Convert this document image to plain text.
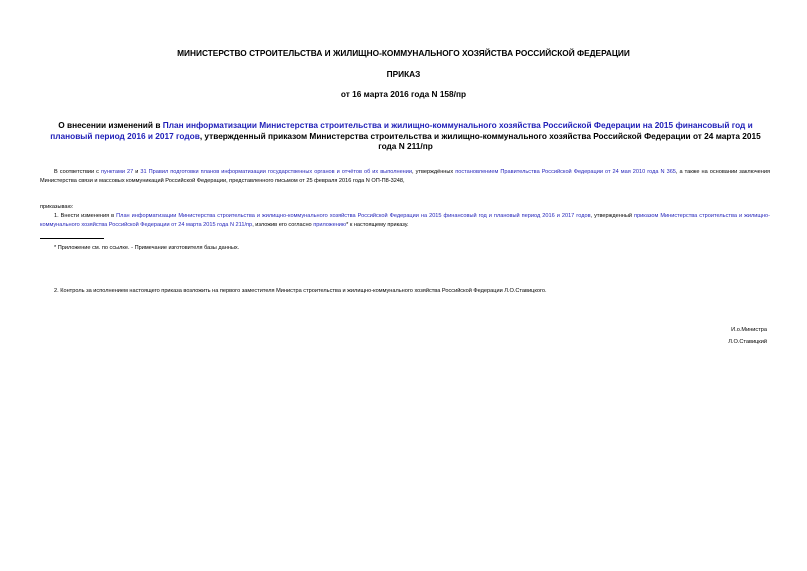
МИНИСТЕРСТВО СТРОИТЕЛЬСТВА И ЖИЛИЩНО-КОММУНАЛЬНОГО ХОЗЯЙСТВА РОССИЙСКОЙ ФЕДЕРАЦИИ
ПРИКАЗ
от 16 марта 2016 года N 158/пр
О внесении изменений в План информатизации Министерства строительства и жилищно-коммунального хозяйства Российской Федерации на 2015 финансовый год и плановый период 2016 и 2017 годов, утвержденный приказом Министерства строительства и жилищно-коммунального хозяйства Российской Федерации от 24 марта 2015 года N 211/пр
В соответствии с пунктами 27 и 31 Правил подготовки планов информатизации государственных органов и отчётов об их выполнении, утверждённых постановлением Правительства Российской Федерации от 24 мая 2010 года N 365, а также на основании заключения Министерства связи и массовых коммуникаций Российской Федерации, представленного письмом от 25 февраля 2016 года N ОП-П8-3248,
приказываю:
1. Внести изменения в План информатизации Министерства строительства и жилищно-коммунального хозяйства Российской Федерации на 2015 финансовый год и плановый период 2016 и 2017 годов, утвержденный приказом Министерства строительства и жилищно-коммунального хозяйства Российской Федерации от 24 марта 2015 года N 211/пр, изложив его согласно приложению* к настоящему приказу.
* Приложение см. по ссылке. - Примечание изготовителя базы данных.
2. Контроль за исполнением настоящего приказа возложить на первого заместителя Министра строительства и жилищно-коммунального хозяйства Российской Федерации Л.О.Ставицкого.
И.о.Министра
Л.О.Ставицкий
